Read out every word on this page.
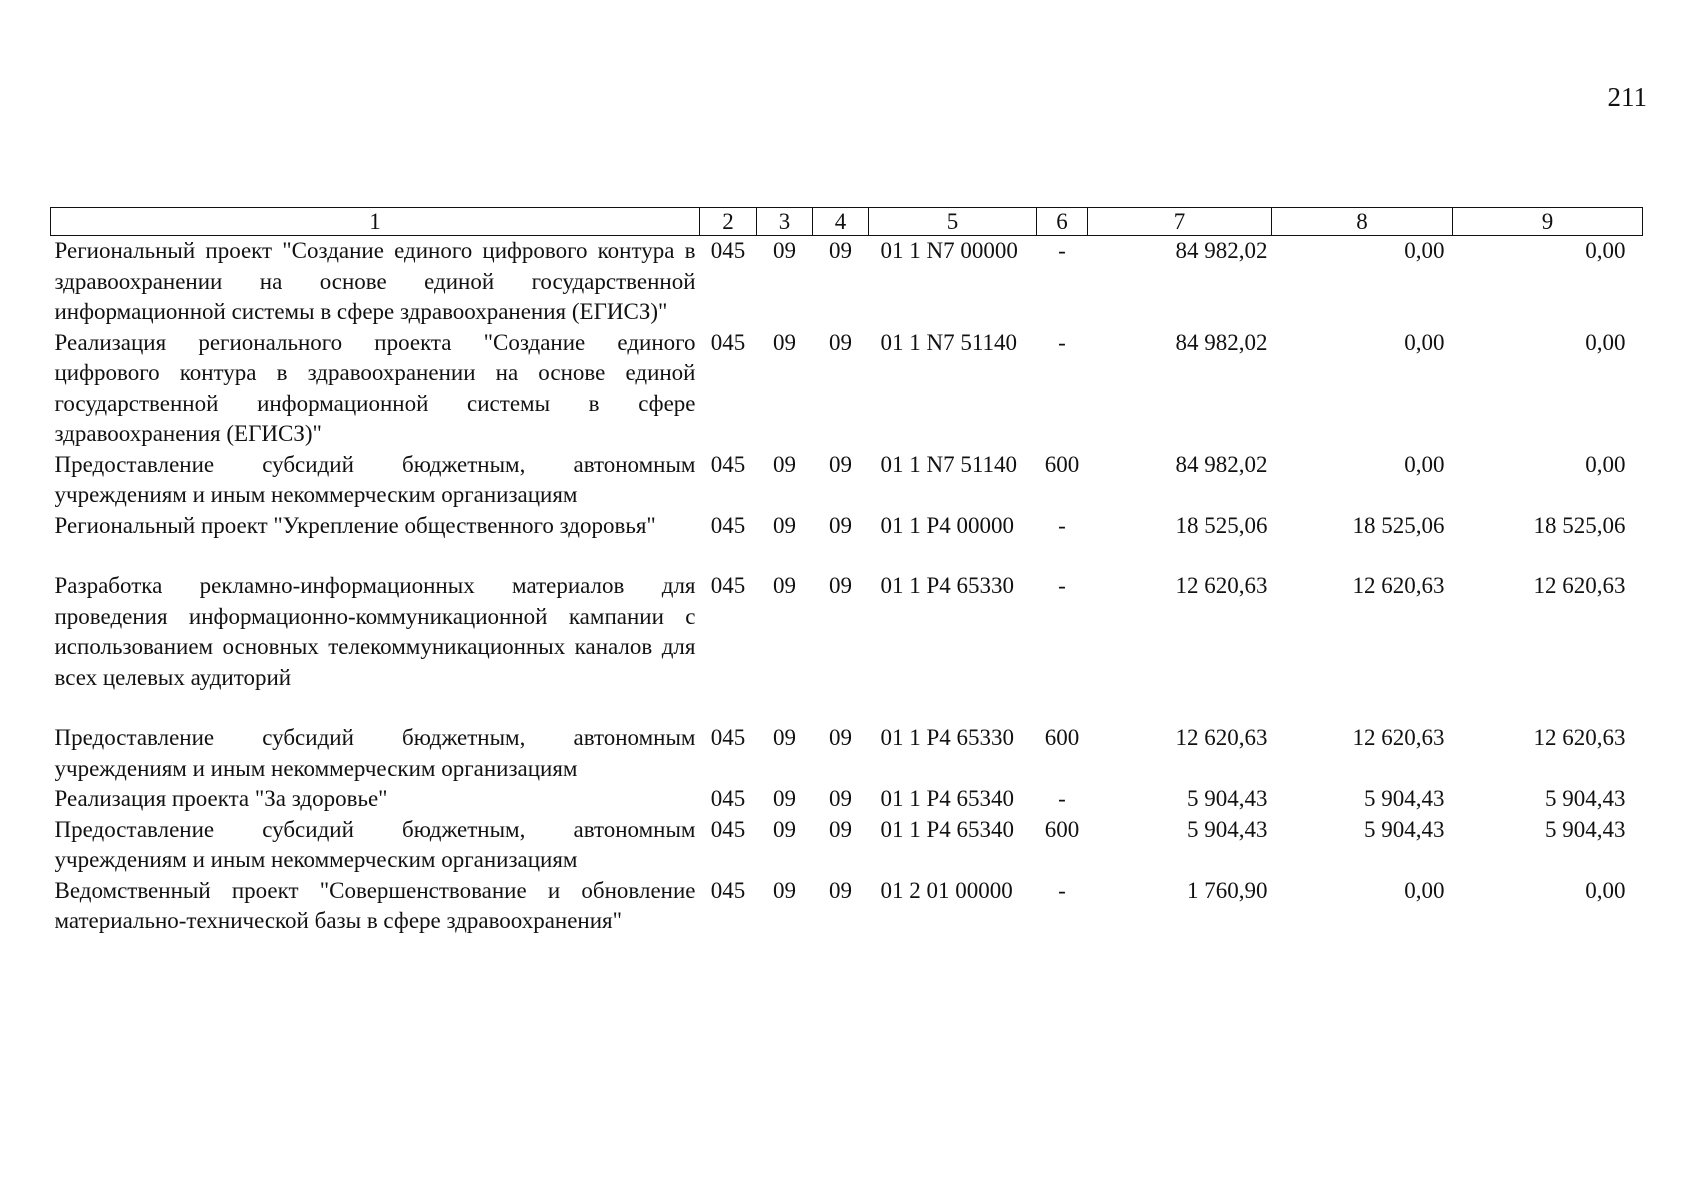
211
1	2	3	4	5	6	7	8	9
Региональный проект "Создание единого цифрового контура в здравоохранении на основе единой государственной информационной системы в сфере здравоохранения (ЕГИСЗ)"	045	09	09	01 1 N7 00000	-	84 982,02	0,00	0,00
Реализация регионального проекта "Создание единого цифрового контура в здравоохранении на основе единой государственной информационной системы в сфере здравоохранения (ЕГИСЗ)"	045	09	09	01 1 N7 51140	-	84 982,02	0,00	0,00
Предоставление субсидий бюджетным, автономным учреждениям и иным некоммерческим организациям	045	09	09	01 1 N7 51140	600	84 982,02	0,00	0,00
Региональный проект "Укрепление общественного здоровья"	045	09	09	01 1 P4 00000	-	18 525,06	18 525,06	18 525,06
Разработка рекламно-информационных материалов для проведения информационно-коммуникационной кампании с использованием основных телекоммуникационных каналов для всех целевых аудиторий	045	09	09	01 1 P4 65330	-	12 620,63	12 620,63	12 620,63
Предоставление субсидий бюджетным, автономным учреждениям и иным некоммерческим организациям	045	09	09	01 1 P4 65330	600	12 620,63	12 620,63	12 620,63
Реализация проекта "За здоровье"	045	09	09	01 1 P4 65340	-	5 904,43	5 904,43	5 904,43
Предоставление субсидий бюджетным, автономным учреждениям и иным некоммерческим организациям	045	09	09	01 1 P4 65340	600	5 904,43	5 904,43	5 904,43
Ведомственный проект "Совершенствование и обновление материально-технической базы в сфере здравоохранения"	045	09	09	01 2 01 00000	-	1 760,90	0,00	0,00
